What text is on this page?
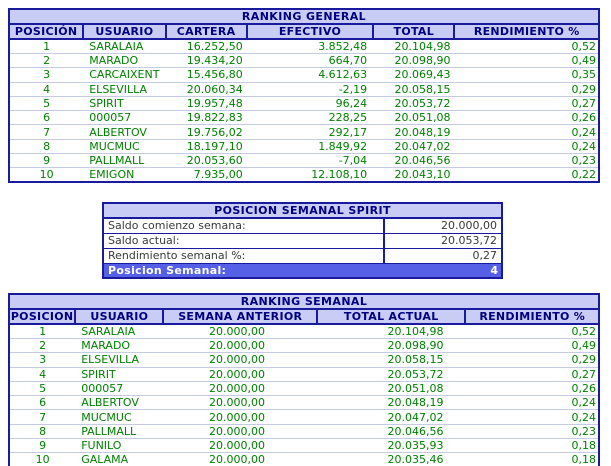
RANKING GENERAL					
POSICIÓN	USUARIO	CARTERA	EFECTIVO	TOTAL	RENDIMIENTO %
1	SARALAIA	16.252,50	3.852,48	20.104,98	0,52
2	MARADO	19.434,20	664,70	20.098,90	0,49
3	CARCAIXENT	15.456,80	4.612,63	20.069,43	0,35
4	ELSEVILLA	20.060,34	-2,19	20.058,15	0,29
5	SPIRIT	19.957,48	96,24	20.053,72	0,27
6	000057	19.822,83	228,25	20.051,08	0,26
7	ALBERTOV	19.756,02	292,17	20.048,19	0,24
8	MUCMUC	18.197,10	1.849,92	20.047,02	0,24
9	PALLMALL	20.053,60	-7,04	20.046,56	0,23
10	EMIGON	7.935,00	12.108,10	20.043,10	0,22
POSICION SEMANAL SPIRIT	
Saldo comienzo semana:	20.000,00
Saldo actual:	20.053,72
Rendimiento semanal %:	0,27
Posicion Semanal:	4
RANKING SEMANAL				
POSICION	USUARIO	SEMANA ANTERIOR	TOTAL ACTUAL	RENDIMIENTO %
1	SARALAIA	20.000,00	20.104,98	0,52
2	MARADO	20.000,00	20.098,90	0,49
3	ELSEVILLA	20.000,00	20.058,15	0,29
4	SPIRIT	20.000,00	20.053,72	0,27
5	000057	20.000,00	20.051,08	0,26
6	ALBERTOV	20.000,00	20.048,19	0,24
7	MUCMUC	20.000,00	20.047,02	0,24
8	PALLMALL	20.000,00	20.046,56	0,23
9	FUNILO	20.000,00	20.035,93	0,18
10	GALAMA	20.000,00	20.035,46	0,18
